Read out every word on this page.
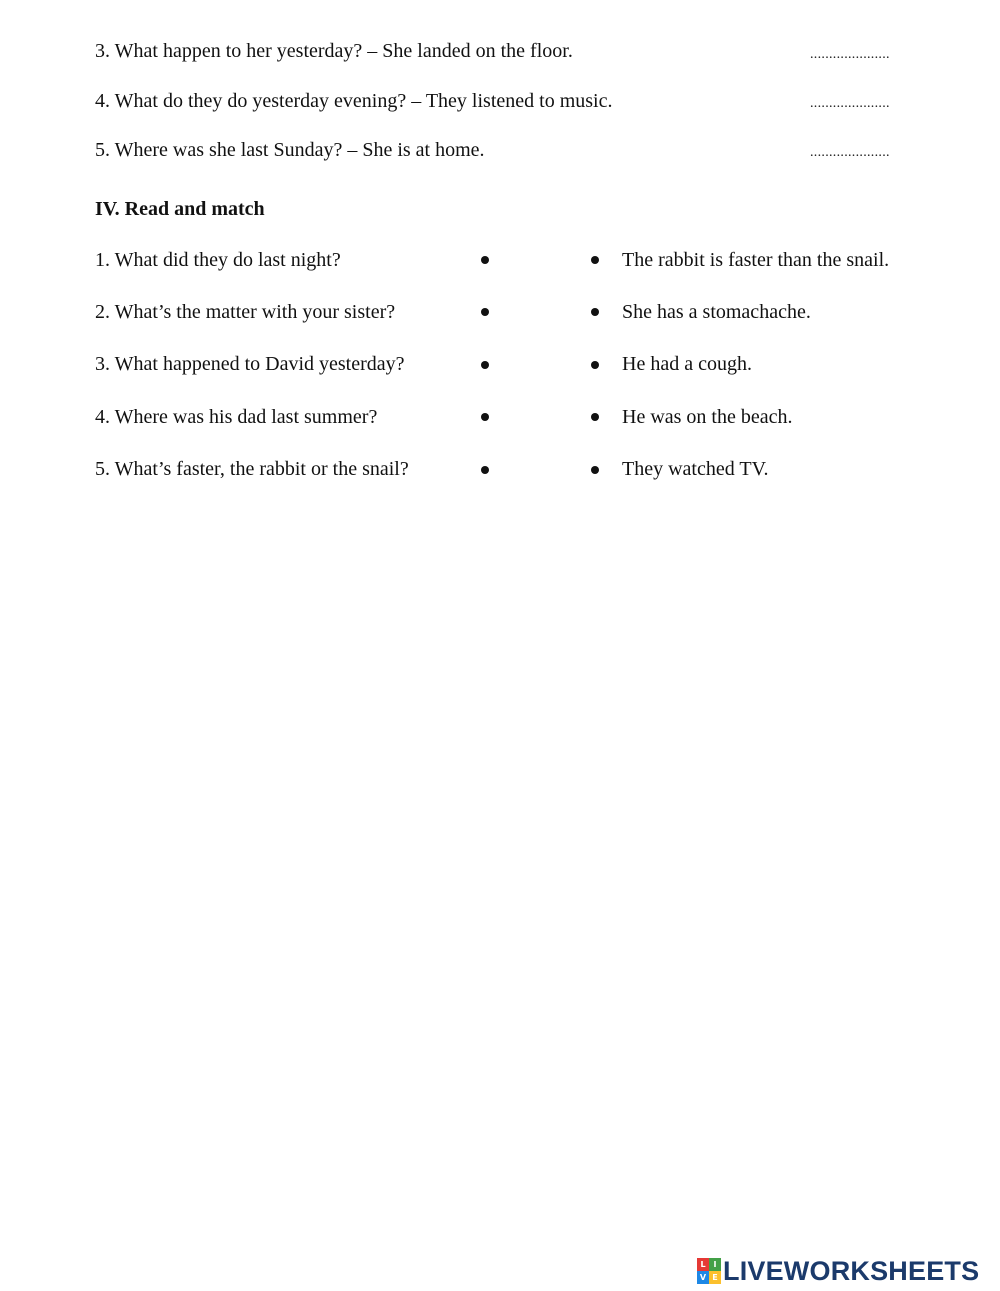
3. What happen to her yesterday? – She landed on the floor.	.....................
4. What do they do yesterday evening? – They listened to music.	.....................
5. Where was she last Sunday? – She is at home.	.....................
IV. Read and match
1. What did they do last night?	The rabbit is faster than the snail.
2. What’s the matter with your sister?	She has a stomachache.
3. What happened to David yesterday?	He had a cough.
4. Where was his dad last summer?	He was on the beach.
5. What’s faster, the rabbit or the snail?	They watched TV.
L I
V E LIVEWORKSHEETS
